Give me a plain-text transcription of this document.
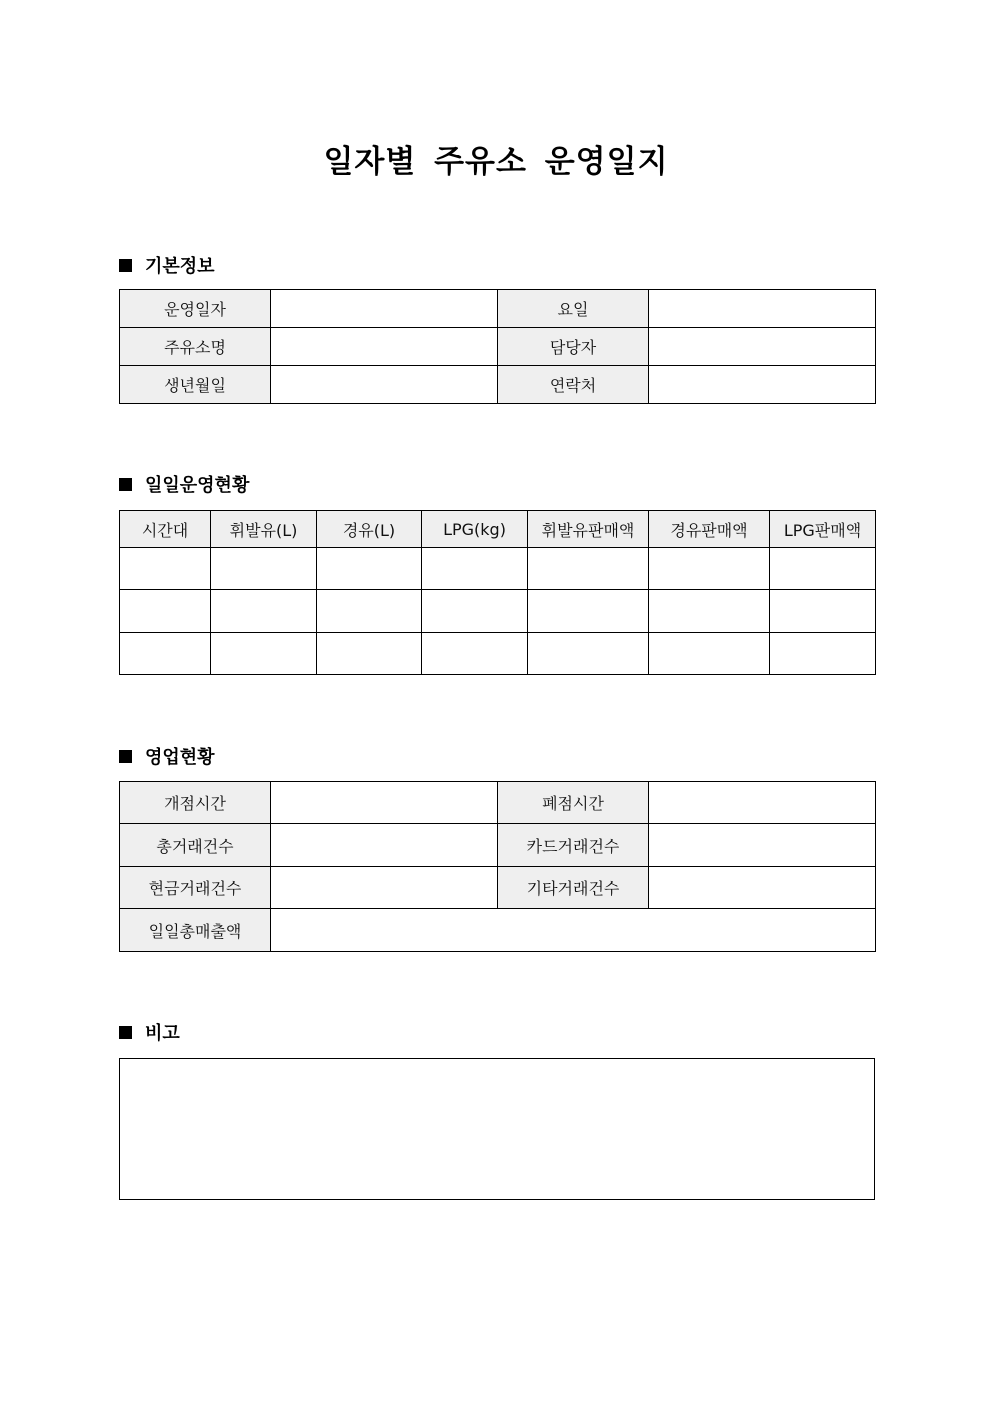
일자별 주유소 운영일지
기본정보
운영일자		요일	
주유소명		담당자	
생년월일		연락처	
일일운영현황
시간대	휘발유(L)	경유(L)	LPG(kg)	휘발유판매액	경유판매액	LPG판매액

영업현황
개점시간		폐점시간	
총거래건수		카드거래건수	
현금거래건수		기타거래건수	
일일총매출액			
비고
